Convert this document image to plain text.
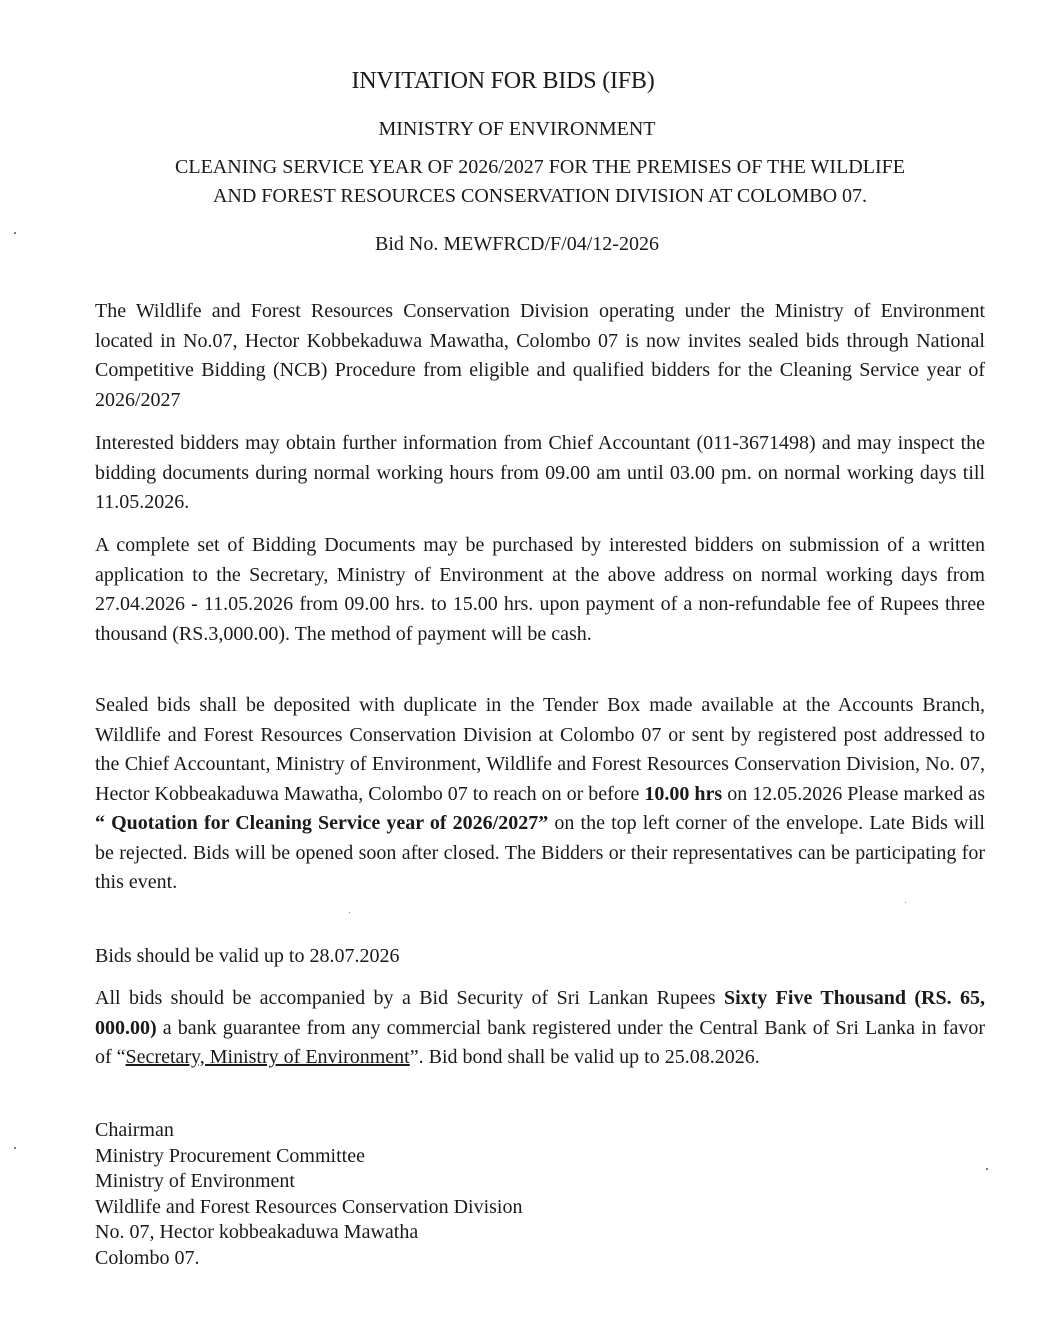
INVITATION FOR BIDS (IFB)
MINISTRY OF ENVIRONMENT
CLEANING SERVICE YEAR OF 2026/2027 FOR THE PREMISES OF THE WILDLIFE
AND FOREST RESOURCES CONSERVATION DIVISION AT COLOMBO 07.
Bid No. MEWFRCD/F/04/12-2026

The Wildlife and Forest Resources Conservation Division operating under the Ministry of Environment located in No.07, Hector Kobbekaduwa Mawatha, Colombo 07 is now invites sealed bids through National Competitive Bidding (NCB) Procedure from eligible and qualified bidders for the Cleaning Service year of 2026/2027

Interested bidders may obtain further information from Chief Accountant (011-3671498) and may inspect the bidding documents during normal working hours from 09.00 am until 03.00 pm. on normal working days till 11.05.2026.

A complete set of Bidding Documents may be purchased by interested bidders on submission of a written application to the Secretary, Ministry of Environment at the above address on normal working days from 27.04.2026 - 11.05.2026 from 09.00 hrs. to 15.00 hrs. upon payment of a non-refundable fee of Rupees three thousand (RS.3,000.00). The method of payment will be cash.

Sealed bids shall be deposited with duplicate in the Tender Box made available at the Accounts Branch, Wildlife and Forest Resources Conservation Division at Colombo 07 or sent by registered post addressed to the Chief Accountant, Ministry of Environment, Wildlife and Forest Resources Conservation Division, No. 07, Hector Kobbeakaduwa Mawatha, Colombo 07 to reach on or before 10.00 hrs on 12.05.2026 Please marked as “ Quotation for Cleaning Service year of 2026/2027” on the top left corner of the envelope. Late Bids will be rejected. Bids will be opened soon after closed. The Bidders or their representatives can be participating for this event.

Bids should be valid up to 28.07.2026

All bids should be accompanied by a Bid Security of Sri Lankan Rupees Sixty Five Thousand (RS. 65, 000.00) a bank guarantee from any commercial bank registered under the Central Bank of Sri Lanka in favor of “Secretary, Ministry of Environment”. Bid bond shall be valid up to 25.08.2026.

Chairman
Ministry Procurement Committee
Ministry of Environment
Wildlife and Forest Resources Conservation Division
No. 07, Hector kobbeakaduwa Mawatha
Colombo 07.
